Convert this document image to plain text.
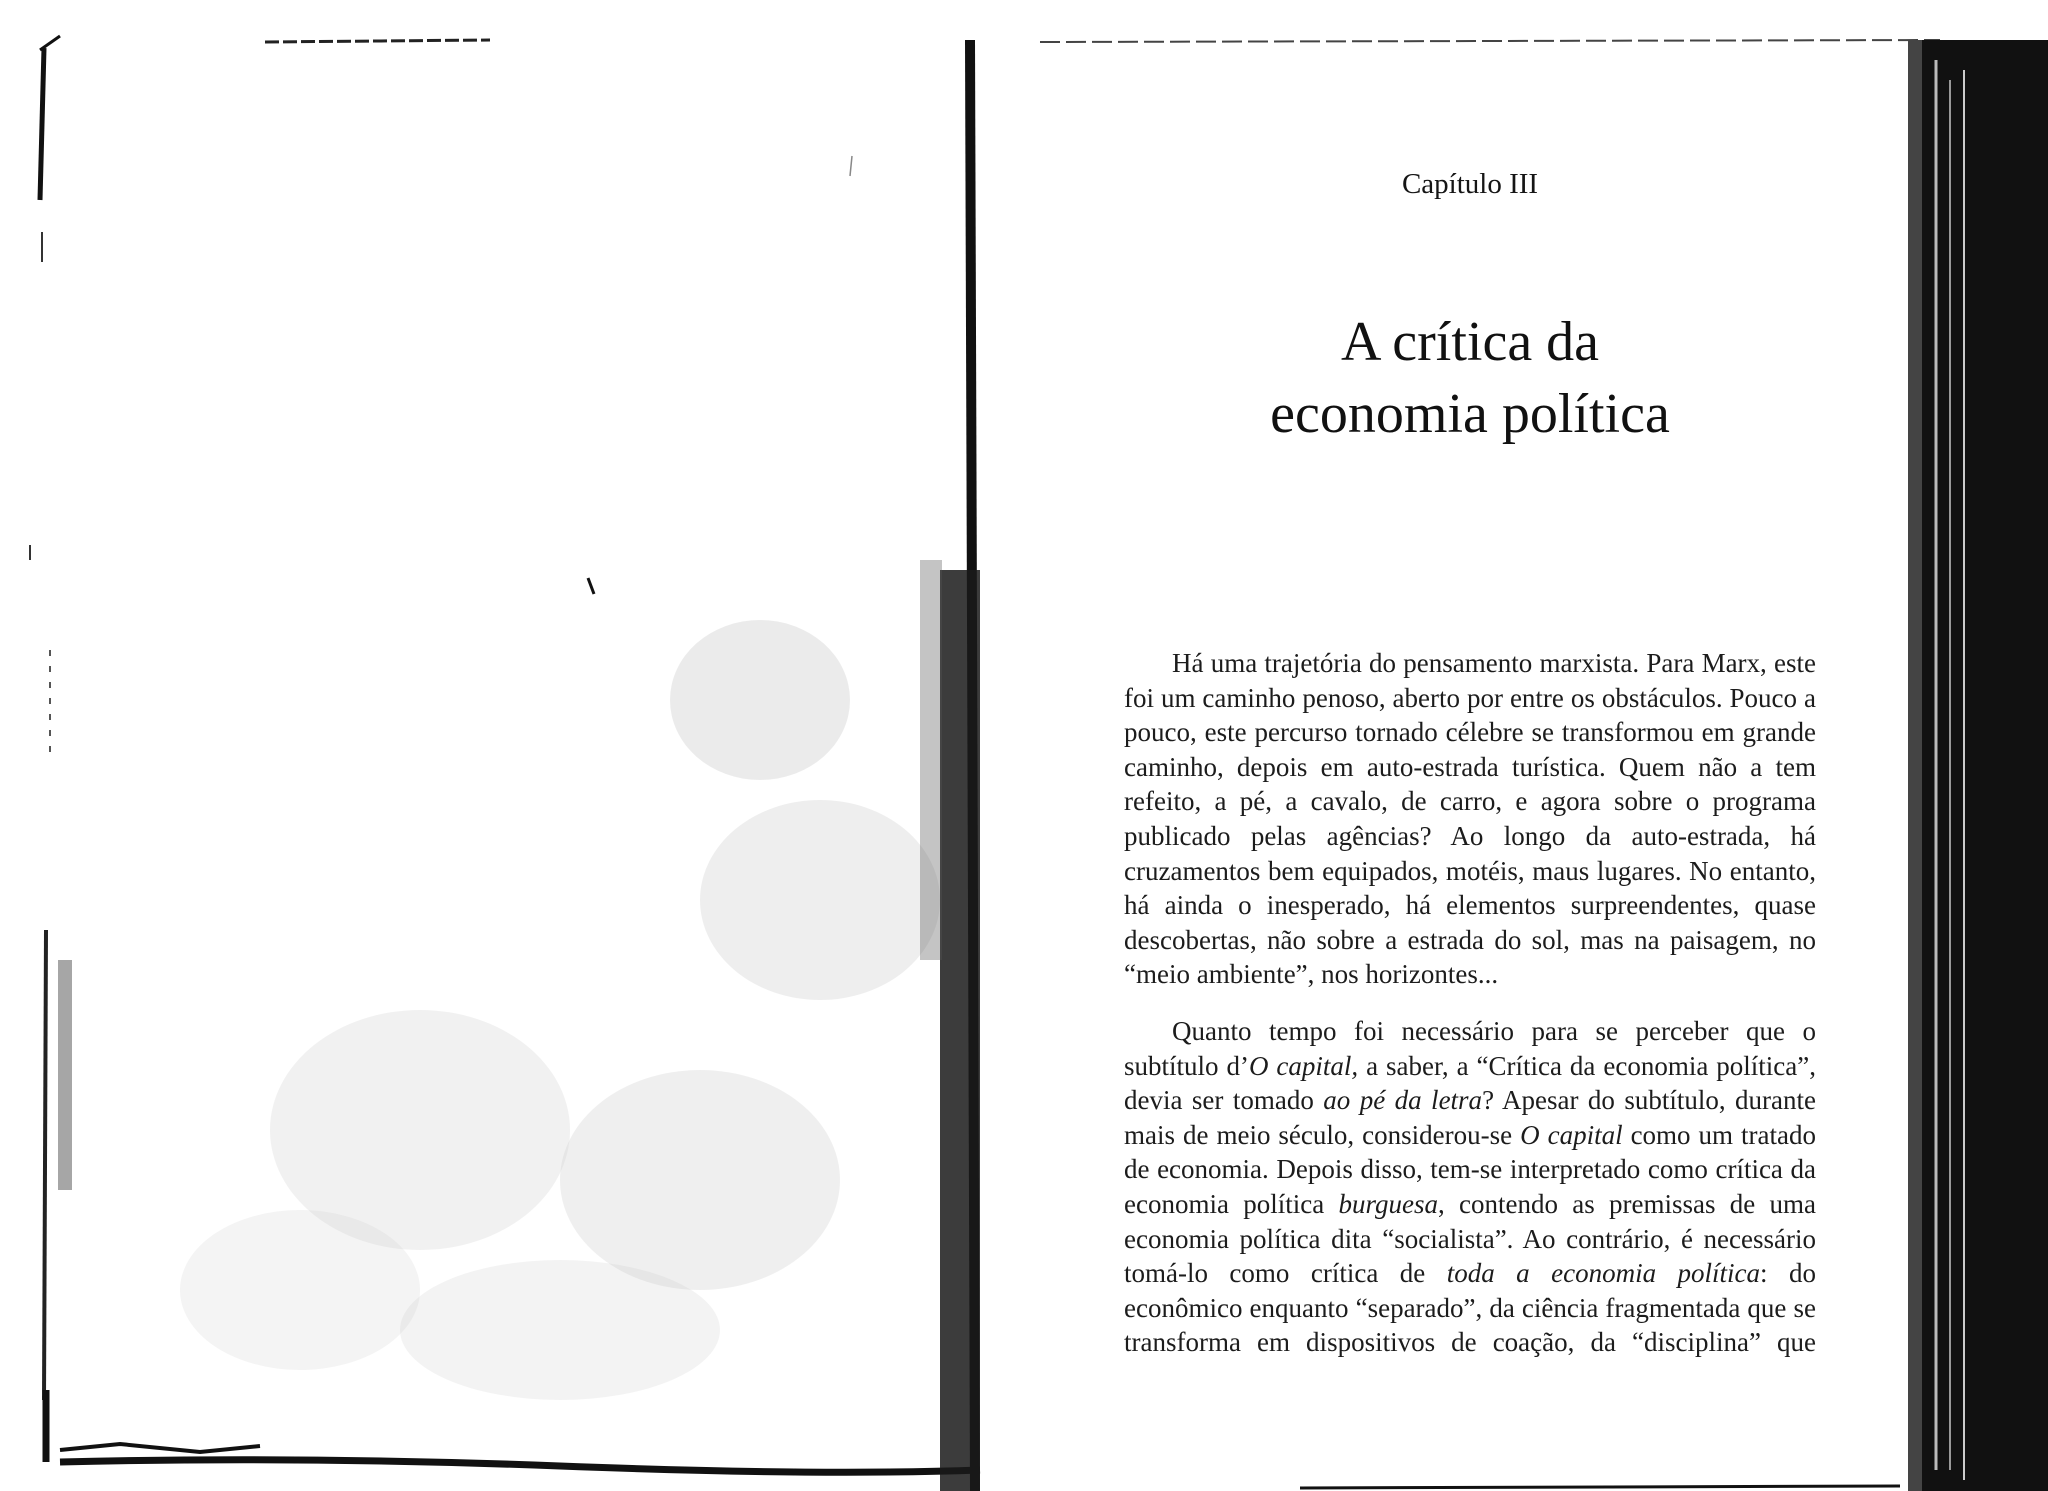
Capítulo III
A crítica da
economia política

Há uma trajetória do pensamento marxista. Para Marx, este foi um caminho penoso, aberto por entre os obstáculos. Pouco a pouco, este percurso tornado célebre se transformou em grande caminho, depois em auto-estrada turística. Quem não a tem refeito, a pé, a cavalo, de carro, e agora sobre o programa publicado pelas agências? Ao longo da auto-estrada, há cruzamentos bem equipados, motéis, maus lugares. No entanto, há ainda o inesperado, há elementos surpreendentes, quase descobertas, não sobre a estrada do sol, mas na paisagem, no “meio ambiente”, nos horizontes...

Quanto tempo foi necessário para se perceber que o subtítulo d’O capital, a saber, a “Crítica da economia política”, devia ser tomado ao pé da letra? Apesar do subtítulo, durante mais de meio século, considerou-se O capital como um tratado de economia. Depois disso, tem-se interpretado como crítica da economia política burguesa, contendo as premissas de uma economia política dita “socialista”. Ao contrário, é necessário tomá-lo como crítica de toda a economia política: do econômico enquanto “separado”, da ciência fragmentada que se transforma em dispositivos de coação, da “disciplina” que
